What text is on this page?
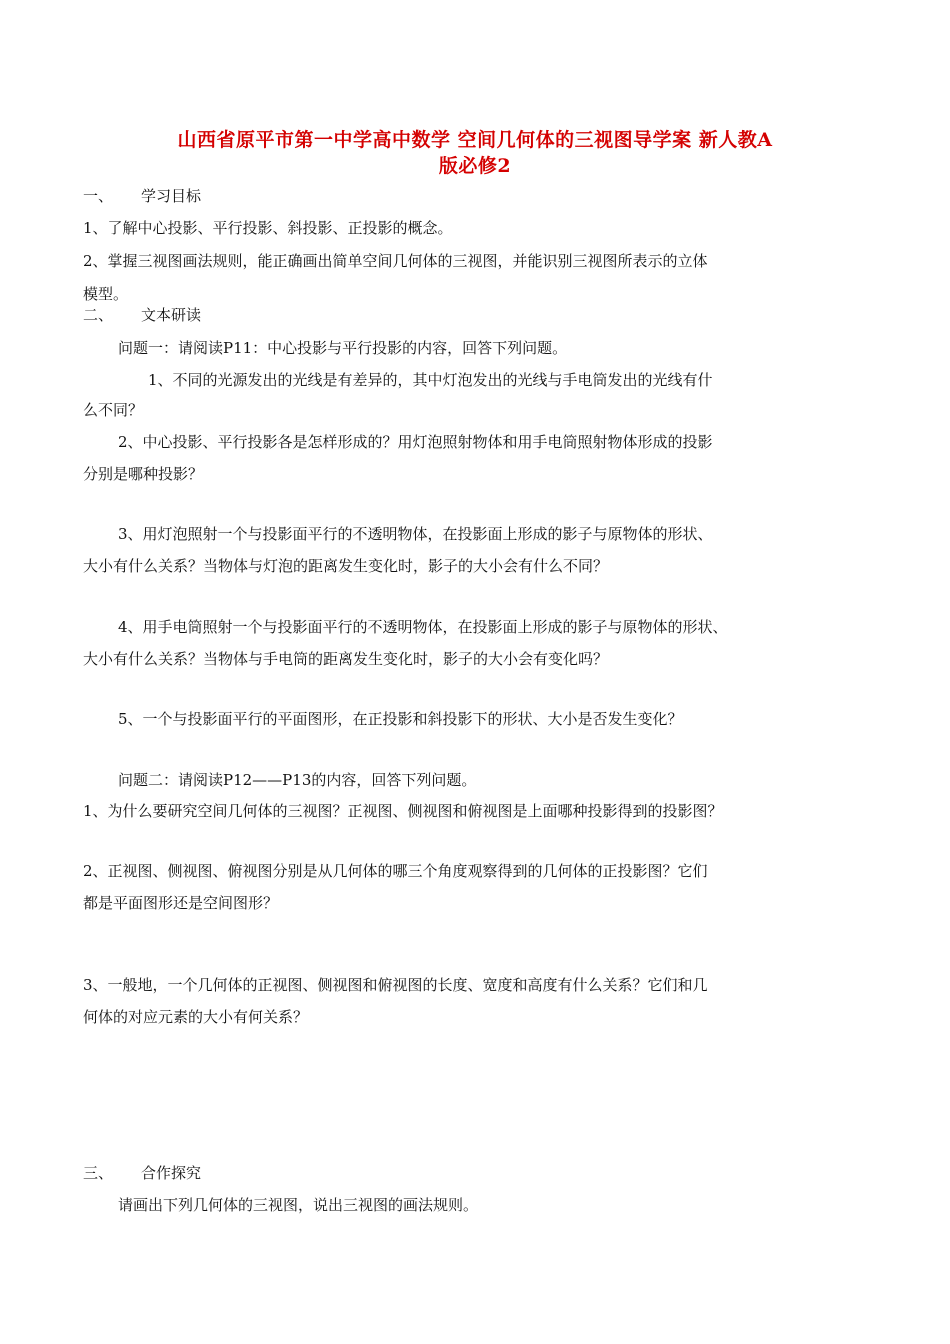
山西省原平市第一中学高中数学 空间几何体的三视图导学案 新人教A
版必修2
一、 学习目标
1、了解中心投影、平行投影、斜投影、正投影的概念。
2、掌握三视图画法规则，能正确画出简单空间几何体的三视图，并能识别三视图所表示的立体
模型。
二、 文本研读
问题一：请阅读P11：中心投影与平行投影的内容，回答下列问题。
1、不同的光源发出的光线是有差异的，其中灯泡发出的光线与手电筒发出的光线有什
么不同？
2、中心投影、平行投影各是怎样形成的？用灯泡照射物体和用手电筒照射物体形成的投影
分别是哪种投影？
3、用灯泡照射一个与投影面平行的不透明物体，在投影面上形成的影子与原物体的形状、
大小有什么关系？当物体与灯泡的距离发生变化时，影子的大小会有什么不同？
4、用手电筒照射一个与投影面平行的不透明物体，在投影面上形成的影子与原物体的形状、
大小有什么关系？当物体与手电筒的距离发生变化时，影子的大小会有变化吗？
5、一个与投影面平行的平面图形，在正投影和斜投影下的形状、大小是否发生变化？
问题二：请阅读P12——P13的内容，回答下列问题。
1、为什么要研究空间几何体的三视图？正视图、侧视图和俯视图是上面哪种投影得到的投影图？
2、正视图、侧视图、俯视图分别是从几何体的哪三个角度观察得到的几何体的正投影图？它们
都是平面图形还是空间图形？
3、一般地，一个几何体的正视图、侧视图和俯视图的长度、宽度和高度有什么关系？它们和几
何体的对应元素的大小有何关系？
三、 合作探究
请画出下列几何体的三视图，说出三视图的画法规则。
